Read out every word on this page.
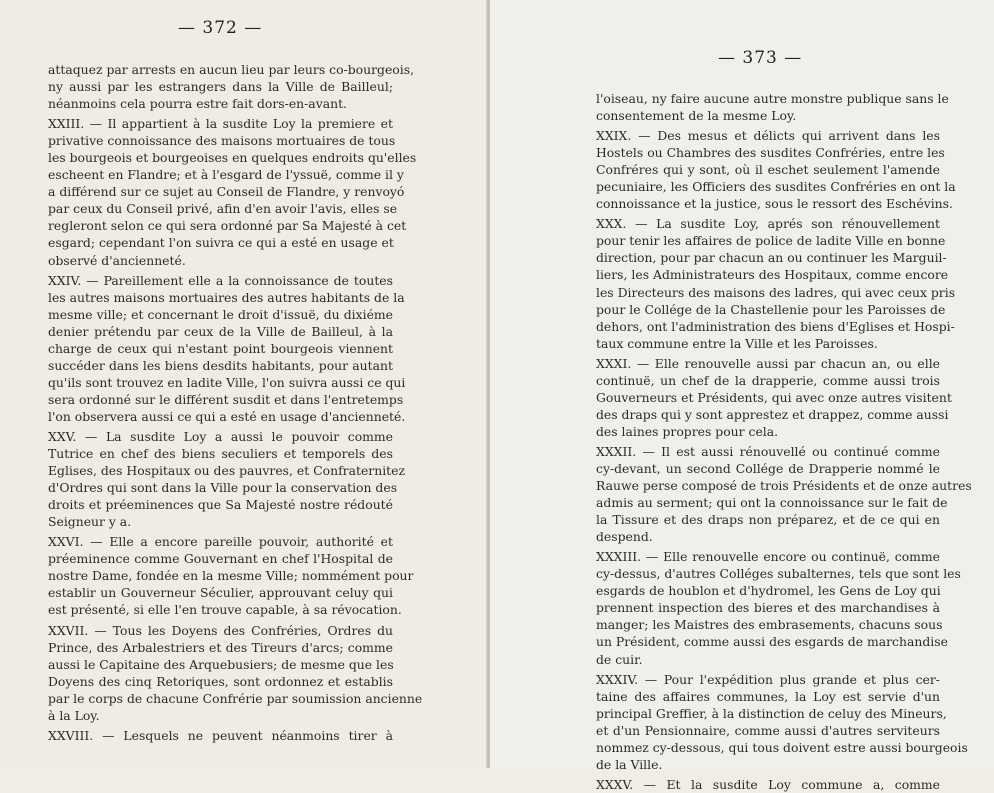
— 372 —
attaquez par arrests en aucun lieu par leurs co-bourgeois,
ny aussi par les estrangers dans la Ville de Bailleul;
néanmoins cela pourra estre fait dors-en-avant.
XXIII. — Il appartient à la susdite Loy la premiere et
privative connoissance des maisons mortuaires de tous
les bourgeois et bourgeoises en quelques endroits qu'elles
escheent en Flandre; et à l'esgard de l'yssuë, comme il y
a différend sur ce sujet au Conseil de Flandre, y renvoyó
par ceux du Conseil privé, afin d'en avoir l'avis, elles se
regleront selon ce qui sera ordonné par Sa Majesté à cet
esgard; cependant l'on suivra ce qui a esté en usage et
observé d'ancienneté.
XXIV. — Pareillement elle a la connoissance de toutes
les autres maisons mortuaires des autres habitants de la
mesme ville; et concernant le droit d'issuë, du dixiéme
denier prétendu par ceux de la Ville de Bailleul, à la
charge de ceux qui n'estant point bourgeois viennent
succéder dans les biens desdits habitants, pour autant
qu'ils sont trouvez en ladite Ville, l'on suivra aussi ce qui
sera ordonné sur le différent susdit et dans l'entretemps
l'on observera aussi ce qui a esté en usage d'ancienneté.
XXV. — La susdite Loy a aussi le pouvoir comme
Tutrice en chef des biens seculiers et temporels des
Eglises, des Hospitaux ou des pauvres, et Confraternitez
d'Ordres qui sont dans la Ville pour la conservation des
droits et préeminences que Sa Majesté nostre rédouté
Seigneur y a.
XXVI. — Elle a encore pareille pouvoir, authorité et
préeminence comme Gouvernant en chef l'Hospital de
nostre Dame, fondée en la mesme Ville; nommément pour
establir un Gouverneur Séculier, approuvant celuy qui
est présenté, si elle l'en trouve capable, à sa révocation.
XXVII. — Tous les Doyens des Confréries, Ordres du
Prince, des Arbalestriers et des Tireurs d'arcs; comme
aussi le Capitaine des Arquebusiers; de mesme que les
Doyens des cinq Retoriques, sont ordonnez et establis
par le corps de chacune Confrérie par soumission ancienne
à la Loy.
XXVIII. — Lesquels ne peuvent néanmoins tirer à
— 373 —
l'oiseau, ny faire aucune autre monstre publique sans le
consentement de la mesme Loy.
XXIX. — Des mesus et délicts qui arrivent dans les
Hostels ou Chambres des susdites Confréries, entre les
Confréres qui y sont, où il eschet seulement l'amende
pecuniaire, les Officiers des susdites Confréries en ont la
connoissance et la justice, sous le ressort des Eschévins.
XXX. — La susdite Loy, aprés son rénouvellement
pour tenir les affaires de police de ladite Ville en bonne
direction, pour par chacun an ou continuer les Marguil-
liers, les Administrateurs des Hospitaux, comme encore
les Directeurs des maisons des ladres, qui avec ceux pris
pour le Collége de la Chastellenie pour les Paroisses de
dehors, ont l'administration des biens d'Eglises et Hospi-
taux commune entre la Ville et les Paroisses.
XXXI. — Elle renouvelle aussi par chacun an, ou elle
continuë, un chef de la drapperie, comme aussi trois
Gouverneurs et Présidents, qui avec onze autres visitent
des draps qui y sont apprestez et drappez, comme aussi
des laines propres pour cela.
XXXII. — Il est aussi rénouvellé ou continué comme
cy-devant, un second Collége de Drapperie nommé le
Rauwe perse composé de trois Présidents et de onze autres
admis au serment; qui ont la connoissance sur le fait de
la Tissure et des draps non préparez, et de ce qui en
despend.
XXXIII. — Elle renouvelle encore ou continuë, comme
cy-dessus, d'autres Colléges subalternes, tels que sont les
esgards de houblon et d'hydromel, les Gens de Loy qui
prennent inspection des bieres et des marchandises à
manger; les Maistres des embrasements, chacuns sous
un Président, comme aussi des esgards de marchandise
de cuir.
XXXIV. — Pour l'expédition plus grande et plus cer-
taine des affaires communes, la Loy est servie d'un
principal Greffier, à la distinction de celuy des Mineurs,
et d'un Pensionnaire, comme aussi d'autres serviteurs
nommez cy-dessous, qui tous doivent estre aussi bourgeois
de la Ville.
XXXV. — Et la susdite Loy commune a, comme
